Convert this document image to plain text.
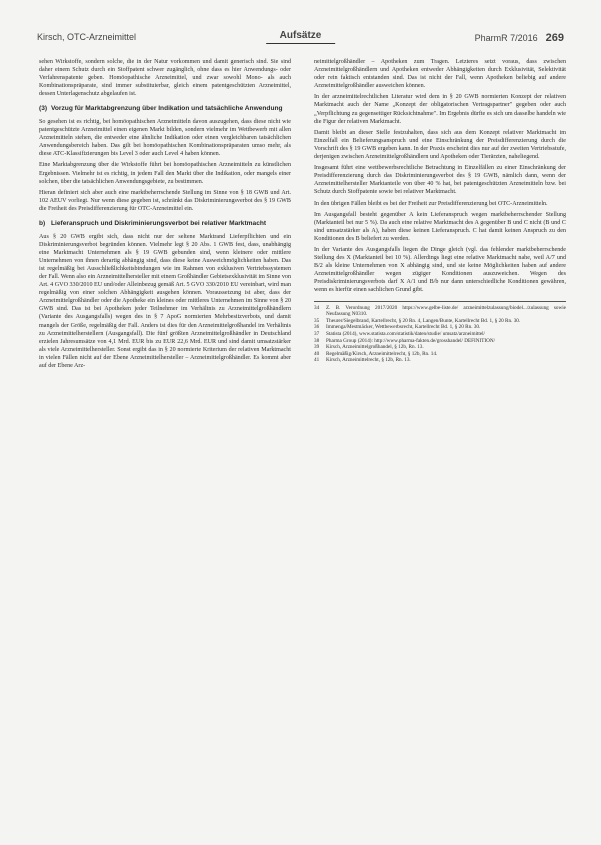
Kirsch, OTC-Arzneimittel	Aufsätze	PharmR 7/2016 269

sehen Wirkstoffe, sondern solche, die in der Natur vorkommen und damit generisch sind. Sie sind daher einem Schutz durch ein Stoffpatent schwer zugänglich, ohne dass es hier Anwendungs- oder Verfahrenspatente geben. Homöopathische Arzneimittel, und zwar sowohl Mono- als auch Kombinationspräparate, sind immer substituierbar, gleich einem patentgeschützten Arzneimittel, dessen Unterlagenschutz abgelaufen ist.

(3) Vorzug für Marktabgrenzung über Indikation und tatsächliche Anwendung

So gesehen ist es richtig, bei homöopathischen Arzneimitteln davon auszugehen, dass diese nicht wie patentgeschützte Arzneimittel einen eigenen Markt bilden, sondern vielmehr im Wettbewerb mit allen Arzneimitteln stehen, die entweder eine ähnliche Indikation oder einen vergleichbaren tatsächlichen Anwendungsbereich haben. Das gilt bei homöopathischen Kombinationspräparaten umso mehr, als diese ATC-Klassifizierungen bis Level 3 oder auch Level 4 haben können.

Eine Marktabgrenzung über die Wirkstoffe führt bei homöopathischen Arzneimitteln zu künstlichen Ergebnissen. Vielmehr ist es richtig, in jedem Fall den Markt über die Indikation, oder mangels einer solchen, über die tatsächlichen Anwendungsgebiete, zu bestimmen.

Hieran definiert sich aber auch eine marktbeherrschende Stellung im Sinne von § 18 GWB und Art. 102 AEUV vorliegt. Nur wenn diese gegeben ist, schränkt das Diskriminierungsverbot des § 19 GWB die Freiheit des Preisdifferenzierung für OTC-Arzneimittel ein.

b) Lieferanspruch und Diskriminierungsverbot bei relativer Marktmacht

Aus § 20 GWB ergibt sich, dass nicht nur der seltene Marktrand Lieferpflichten und ein Diskriminierungsverbot begründen können. Vielmehr legt § 20 Abs. 1 GWB fest, dass, unabhängig eine Marktmacht Unternehmen als § 19 GWB gebunden sind, wenn kleinere oder mittlere Unternehmen von ihnen derartig abhängig sind, dass diese keine Ausweichmöglichkeiten haben. Das ist regelmäßig bei Ausschließlichkeitsbindungen wie im Rahmen von exklusiven Vertriebssystemen der Fall. Wenn also ein Arzneimittelhersteller mit einem Großhändler Gebietsexklusivität im Sinne von Art. 4 GVO 330/2010 EU und/oder Alleinbezug gemäß Art. 5 GVO 330/2010 EU vereinbart, wird man regelmäßig von einer solchen Abhängigkeit ausgehen können. Voraussetzung ist aber, dass der Arzneimittelgroßhändler oder die Apotheke ein kleines oder mittleres Unternehmen im Sinne von § 20 GWB sind. Das ist bei Apotheken jeder Teilnehmer im Verhältnis zu Arzneimittelgroßhändlern (Variante des Ausgangsfalls) wegen des in § 7 ApoG normierten Mehrbesitzverbots, und damit mangels der Größe, regelmäßig der Fall. Anders ist dies für den Arzneimittelgroßhandel im Verhältnis zu Arzneimittelherstellern (Ausgangsfall). Die fünf größten Arzneimittelgroßhändler in Deutschland erzielen Jahresumsätze von 4,1 Mrd. EUR bis zu EUR 22,6 Mrd. EUR und sind damit umsatzstärker als viele Arzneimittelhersteller. Sonst ergibt das in § 20 normierte Kriterium der relativen Marktmacht in vielen Fällen nicht auf der Ebene Arzneimittelhersteller – Arzneimittelgroßhändler. Es kommt aber auf der Ebene Arz-

neimittelgroßhändler – Apotheken zum Tragen. Letzteres setzt voraus, dass zwischen Arzneimittelgroßhändlern und Apotheken entweder Abhängigkeiten durch Exklusivität, Selektivität oder rein faktisch entstanden sind. Das ist nicht der Fall, wenn Apotheken beliebig auf andere Arzneimittelgroßhändler ausweichen können.

In der arzneimittelrechtlichen Literatur wird dem in § 20 GWB normierten Konzept der relativen Marktmacht auch der Name „Konzept der obligatorischen Vertragspartner" gegeben oder auch „Verpflichtung zu gegenseitiger Rücksichtnahme". Im Ergebnis dürfte es sich um dasselbe handeln wie die Figur der relativen Marktmacht.

Damit bleibt an dieser Stelle festzuhalten, dass sich aus dem Konzept relativer Marktmacht im Einzelfall ein Belieferungsanspruch und eine Einschränkung der Preisdifferenzierung durch die Vorschrift des § 19 GWB ergeben kann. In der Praxis erscheint dies nur auf der zweiten Vertriebsstufe, derjenigen zwischen Arzneimittelgroßhändlern und Apotheken oder Tierärzten, naheliegend.

Insgesamt führt eine wettbewerbsrechtliche Betrachtung in Einzelfällen zu einer Einschränkung der Preisdifferenzierung durch das Diskriminierungsverbot des § 19 GWB, nämlich dann, wenn der Arzneimittelhersteller Marktanteile von über 40 % hat, bei patentgeschützten Arzneimitteln bzw. bei Schutz durch Stoffpatente sowie bei relativer Marktmacht.

In den übrigen Fällen bleibt es bei der Freiheit zur Preisdifferenzierung bei OTC-Arzneimitteln.

Im Ausgangsfall besteht gegenüber A kein Lieferanspruch wegen marktbeherrschender Stellung (Marktanteil bei nur 5 %). Da auch eine relative Marktmacht des A gegenüber B und C nicht (B und C sind umsatzstärker als A), haben diese keinen Lieferanspruch. C hat damit keinen Anspruch zu den Konditionen des B beliefert zu werden.

In der Variante des Ausgangsfalls liegen die Dinge gleich (vgl. das fehlender marktbeherrschende Stellung des X (Marktanteil bei 10 %). Allerdings liegt eine relative Marktmacht nahe, weil A/7 und B/2 als kleine Unternehmen von X abhängig sind, und sie keine Möglichkeiten haben auf andere Arzneimittelgroßhändler wegen zügiger Konditionen auszuweichen. Wegen des Preisdiskriminierungsverbots darf X A/1 und B/b nur dann unterschiedliche Konditionen gewähren, wenn es hierfür einen sachlichen Grund gibt.

34	Z. B. Verordnung 2017/2020 https://www.gelbe-liste.de/ arzneimittelzulassung/biodel.../zulassung sowie Neufassung N0310.
35	Theurer/Siegelbrand, Kartellrecht, § 20 Rn. 4, Langen/Bunte, Kartellrecht Bd. 1, § 20 Rn. 30.
36	Immenga/Mestmäcker, Wettbewerbsrecht, Kartellrecht Bd. 1, § 20 Rn. 30.
37	Statista (2014), www.statista.com/statistik/daten/studie/ umsatz/arzneimittel/
38	Pharma Group (2014): http://www.pharma-fakten.de/grosshandel/ DEFINITION/
39	Kirsch, Arzneimittelgroßhandel, § 12b, Rn. 13.
40	Regelmäßig/Kirsch, Arzneimittelrecht, § 12b, Rn. 14.
41	Kirsch, Arzneimittelrecht, § 12b, Rn. 13.
